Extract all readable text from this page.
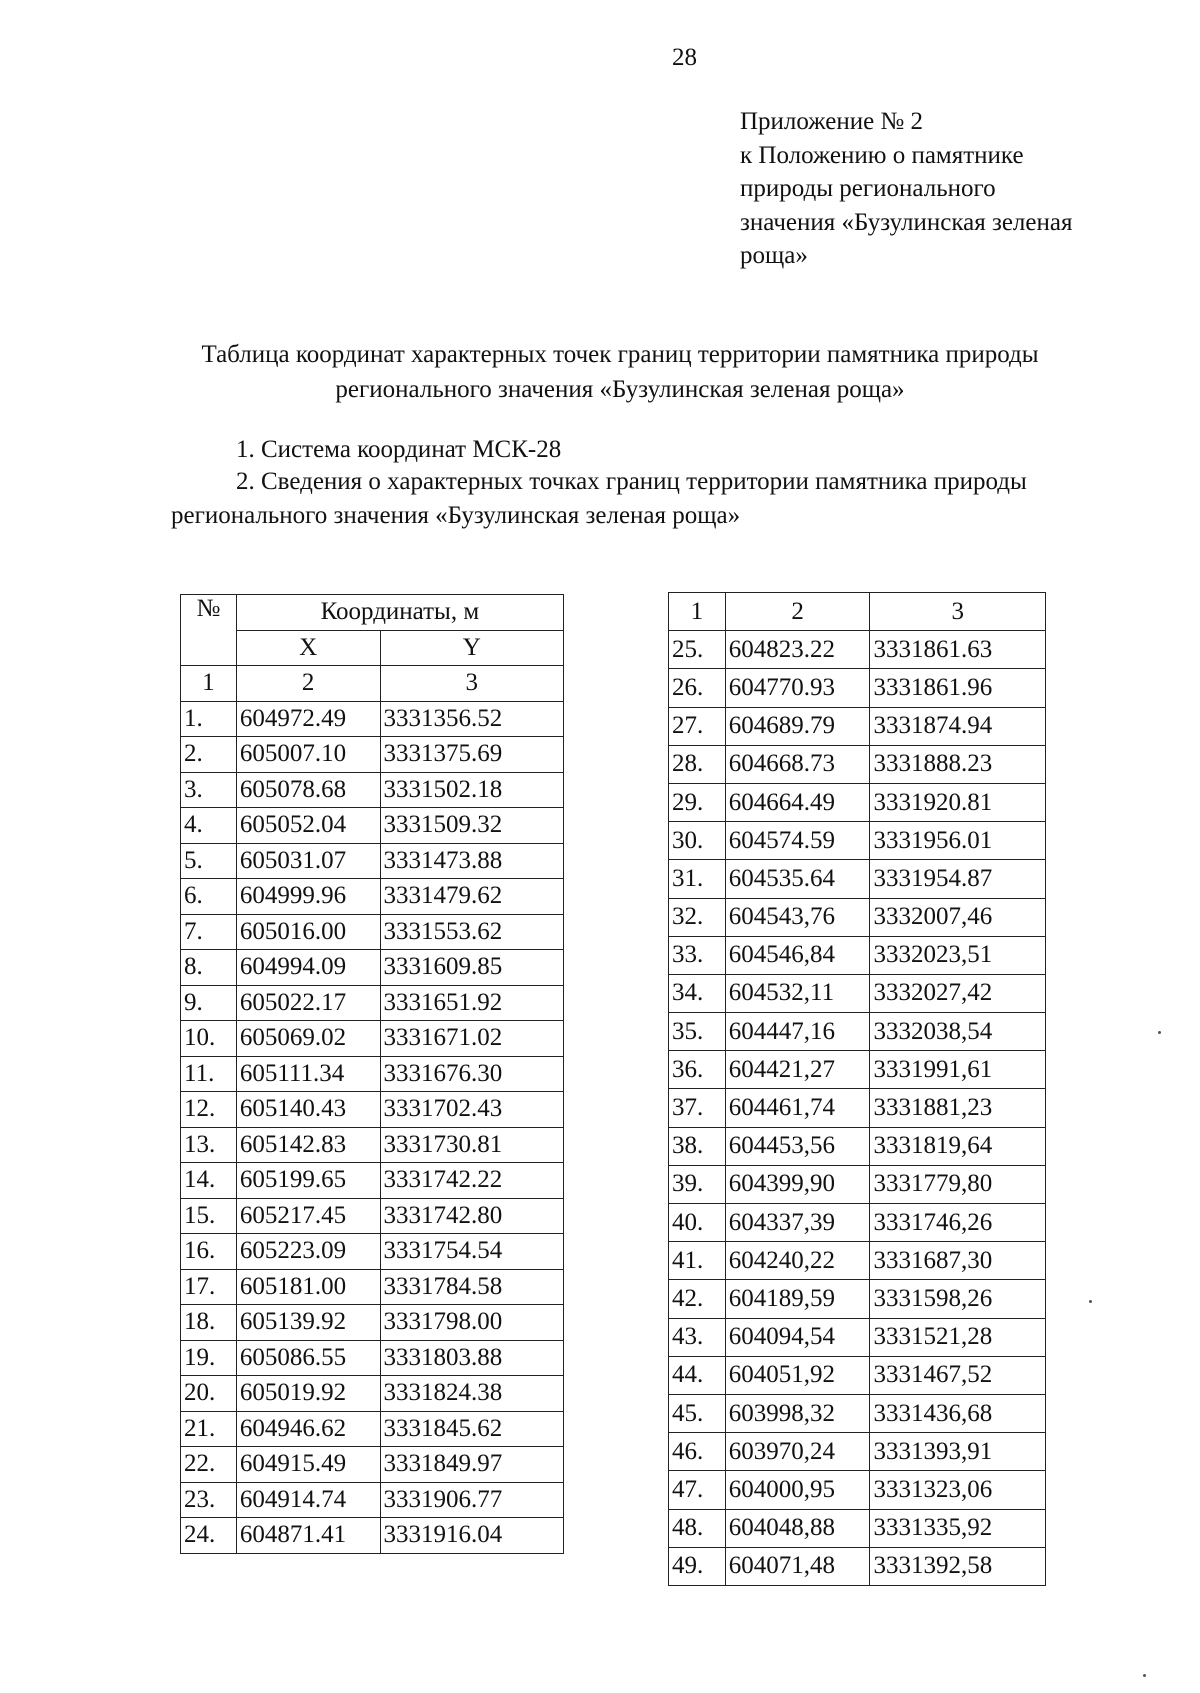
28
Приложение № 2
к Положению о памятнике
природы регионального
значения «Бузулинская зеленая
роща»
Таблица координат характерных точек границ территории памятника природы
регионального значения «Бузулинская зеленая роща»
1. Система координат МСК-28
2. Сведения о характерных точках границ территории памятника природы
регионального значения «Бузулинская зеленая роща»
№	Координаты, м	
	X	Y
1	2	3
1.	604972.49	3331356.52
2.	605007.10	3331375.69
3.	605078.68	3331502.18
4.	605052.04	3331509.32
5.	605031.07	3331473.88
6.	604999.96	3331479.62
7.	605016.00	3331553.62
8.	604994.09	3331609.85
9.	605022.17	3331651.92
10.	605069.02	3331671.02
11.	605111.34	3331676.30
12.	605140.43	3331702.43
13.	605142.83	3331730.81
14.	605199.65	3331742.22
15.	605217.45	3331742.80
16.	605223.09	3331754.54
17.	605181.00	3331784.58
18.	605139.92	3331798.00
19.	605086.55	3331803.88
20.	605019.92	3331824.38
21.	604946.62	3331845.62
22.	604915.49	3331849.97
23.	604914.74	3331906.77
24.	604871.41	3331916.04
1	2	3
25.	604823.22	3331861.63
26.	604770.93	3331861.96
27.	604689.79	3331874.94
28.	604668.73	3331888.23
29.	604664.49	3331920.81
30.	604574.59	3331956.01
31.	604535.64	3331954.87
32.	604543,76	3332007,46
33.	604546,84	3332023,51
34.	604532,11	3332027,42
35.	604447,16	3332038,54
36.	604421,27	3331991,61
37.	604461,74	3331881,23
38.	604453,56	3331819,64
39.	604399,90	3331779,80
40.	604337,39	3331746,26
41.	604240,22	3331687,30
42.	604189,59	3331598,26
43.	604094,54	3331521,28
44.	604051,92	3331467,52
45.	603998,32	3331436,68
46.	603970,24	3331393,91
47.	604000,95	3331323,06
48.	604048,88	3331335,92
49.	604071,48	3331392,58
